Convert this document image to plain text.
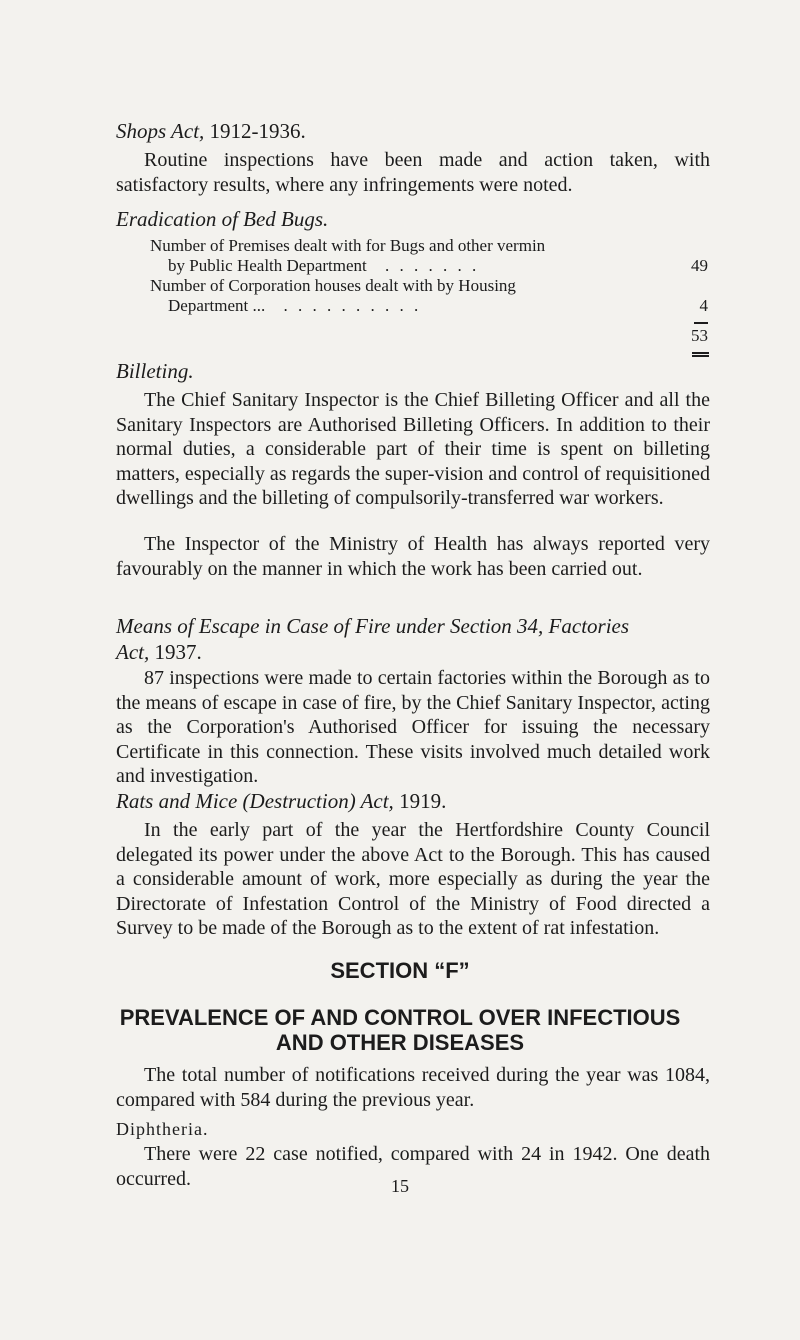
Shops Act, 1912-1936.
Routine inspections have been made and action taken, with satisfactory results, where any infringements were noted.
Eradication of Bed Bugs.
Number of Premises dealt with for Bugs and other vermin
by Public Health Department . . . . . . .	49
Number of Corporation houses dealt with by Housing
Department ... . . . . . . . . . .	4
53
Billeting.
The Chief Sanitary Inspector is the Chief Billeting Officer and all the Sanitary Inspectors are Authorised Billeting Officers. In addition to their normal duties, a considerable part of their time is spent on billeting matters, especially as regards the super-vision and control of requisitioned dwellings and the billeting of compulsorily-transferred war workers.
The Inspector of the Ministry of Health has always reported very favourably on the manner in which the work has been carried out.
Means of Escape in Case of Fire under Section 34, Factories
Act, 1937.
87 inspections were made to certain factories within the Borough as to the means of escape in case of fire, by the Chief Sanitary Inspector, acting as the Corporation's Authorised Officer for issuing the necessary Certificate in this connection. These visits involved much detailed work and investigation.
Rats and Mice (Destruction) Act, 1919.
In the early part of the year the Hertfordshire County Council delegated its power under the above Act to the Borough. This has caused a considerable amount of work, more especially as during the year the Directorate of Infestation Control of the Ministry of Food directed a Survey to be made of the Borough as to the extent of rat infestation.
SECTION “F”
PREVALENCE OF AND CONTROL OVER INFECTIOUS
AND OTHER DISEASES
The total number of notifications received during the year was 1084, compared with 584 during the previous year.
Diphtheria.
There were 22 case notified, compared with 24 in 1942. One death occurred.	15
